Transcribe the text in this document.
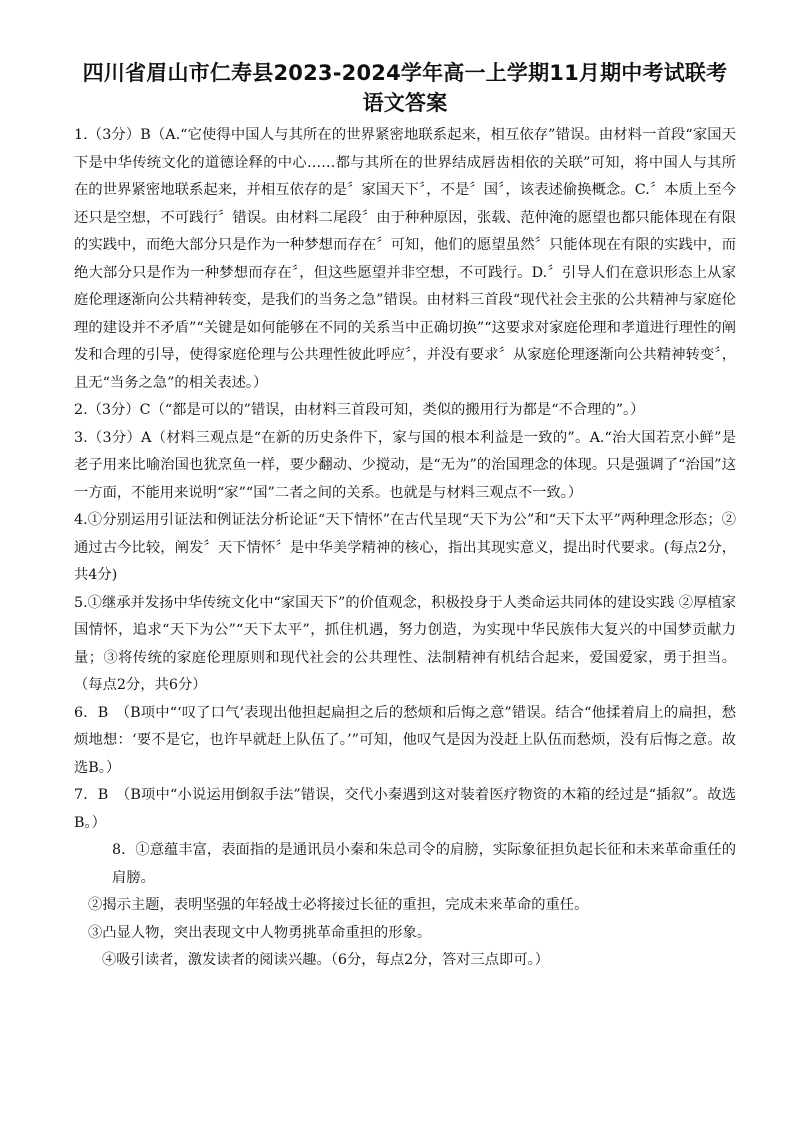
四川省眉山市仁寿县2023-2024学年高一上学期11月期中考试联考
语文答案

1.（3分）B（A.“它使得中国人与其所在的世界紧密地联系起来，相互依存”错误。由材料一首段“家国天下是中华传统文化的道德诠释的中心……都与其所在的世界结成唇齿相依的关联”可知，将中国人与其所在的世界紧密地联系起来，并相互依存的是〞家国天下〞，不是〞国〞，该表述偷换概念。C.〞本质上至今还只是空想，不可践行〞错误。由材料二尾段〞由于种种原因，张载、范仲淹的愿望也都只能体现在有限的实践中，而绝大部分只是作为一种梦想而存在〞可知，他们的愿望虽然〞只能体现在有限的实践中，而绝大部分只是作为一种梦想而存在〞，但这些愿望并非空想，不可践行。D.〞引导人们在意识形态上从家庭伦理逐渐向公共精神转变，是我们的当务之急”错误。由材料三首段“现代社会主张的公共精神与家庭伦理的建设并不矛盾”“关键是如何能够在不同的关系当中正确切换”“这要求对家庭伦理和孝道进行理性的阐发和合理的引导，使得家庭伦理与公共理性彼此呼应〞，并没有要求〞从家庭伦理逐渐向公共精神转变〞，且无“当务之急”的相关表述。）

2.（3分）C（“都是可以的”错误，由材料三首段可知，类似的搬用行为都是“不合理的”。）

3.（3分）A（材料三观点是“在新的历史条件下，家与国的根本利益是一致的”。A.“治大国若烹小鲜”是老子用来比喻治国也犹烹鱼一样，要少翻动、少搅动，是“无为”的治国理念的体现。只是强调了“治国”这一方面，不能用来说明“家”“国”二者之间的关系。也就是与材料三观点不一致。）

4.①分别运用引证法和例证法分析论证“天下情怀”在古代呈现“天下为公”和“天下太平”两种理念形态；②通过古今比较，阐发〞天下情怀〞是中华美学精神的核心，指出其现实意义，提出时代要求。(每点2分，共4分)

5.①继承并发扬中华传统文化中“家国天下”的价值观念，积极投身于人类命运共同体的建设实践 ②厚植家国情怀，追求“天下为公”“天下太平”，抓住机遇，努力创造，为实现中华民族伟大复兴的中国梦贡献力量；③将传统的家庭伦理原则和现代社会的公共理性、法制精神有机结合起来，爱国爱家，勇于担当。（每点2分，共6分）

6．B　（B项中“‘叹了口气’表现出他担起扁担之后的愁烦和后悔之意”错误。结合“他揉着肩上的扁担，愁烦地想：‘要不是它，也许早就赶上队伍了。’”可知，他叹气是因为没赶上队伍而愁烦，没有后悔之意。故选B。）

7．B　（B项中“小说运用倒叙手法”错误，交代小秦遇到这对装着医疗物资的木箱的经过是“插叙”。故选B。）

8．①意蕴丰富，表面指的是通讯员小秦和朱总司令的肩膀，实际象征担负起长征和未来革命重任的肩膀。

②揭示主题，表明坚强的年轻战士必将接过长征的重担，完成未来革命的重任。

③凸显人物，突出表现文中人物勇挑革命重担的形象。

④吸引读者，激发读者的阅读兴趣。（6分，每点2分，答对三点即可。）
